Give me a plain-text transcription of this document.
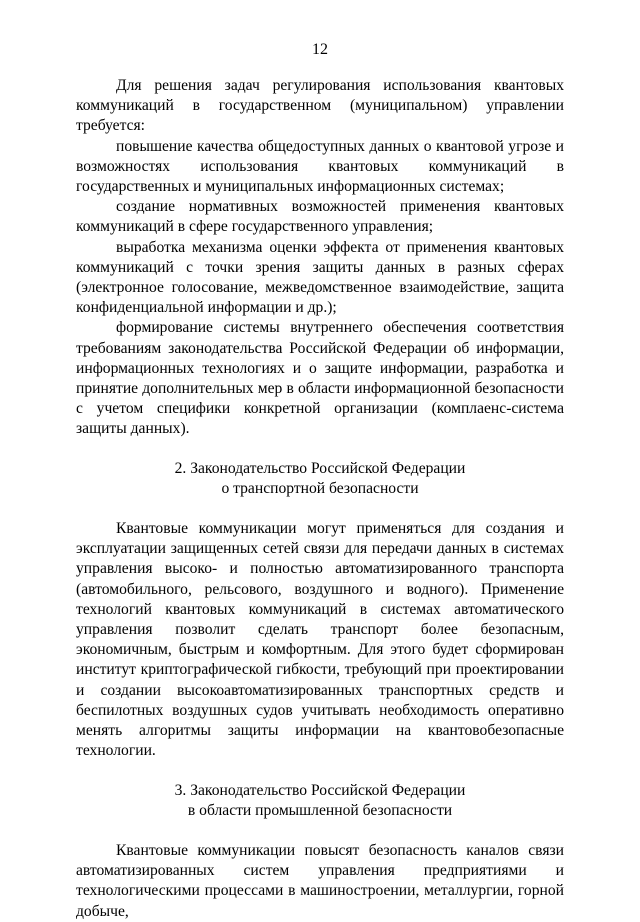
12

Для решения задач регулирования использования квантовых коммуникаций в государственном (муниципальном) управлении требуется:

повышение качества общедоступных данных о квантовой угрозе и возможностях использования квантовых коммуникаций в государственных и муниципальных информационных системах;

создание нормативных возможностей применения квантовых коммуникаций в сфере государственного управления;

выработка механизма оценки эффекта от применения квантовых коммуникаций с точки зрения защиты данных в разных сферах (электронное голосование, межведомственное взаимодействие, защита конфиденциальной информации и др.);

формирование системы внутреннего обеспечения соответствия требованиям законодательства Российской Федерации об информации, информационных технологиях и о защите информации, разработка и принятие дополнительных мер в области информационной безопасности с учетом специфики конкретной организации (комплаенс-система защиты данных).

2. Законодательство Российской Федерации

о транспортной безопасности

Квантовые коммуникации могут применяться для создания и эксплуатации защищенных сетей связи для передачи данных в системах управления высоко- и полностью автоматизированного транспорта (автомобильного, рельсового, воздушного и водного). Применение технологий квантовых коммуникаций в системах автоматического управления позволит сделать транспорт более безопасным, экономичным, быстрым и комфортным. Для этого будет сформирован институт криптографической гибкости, требующий при проектировании и создании высокоавтоматизированных транспортных средств и беспилотных воздушных судов учитывать необходимость оперативно менять алгоритмы защиты информации на квантовобезопасные технологии.

3. Законодательство Российской Федерации

в области промышленной безопасности

Квантовые коммуникации повысят безопасность каналов связи автоматизированных систем управления предприятиями и технологическими процессами в машиностроении, металлургии, горной добыче,
